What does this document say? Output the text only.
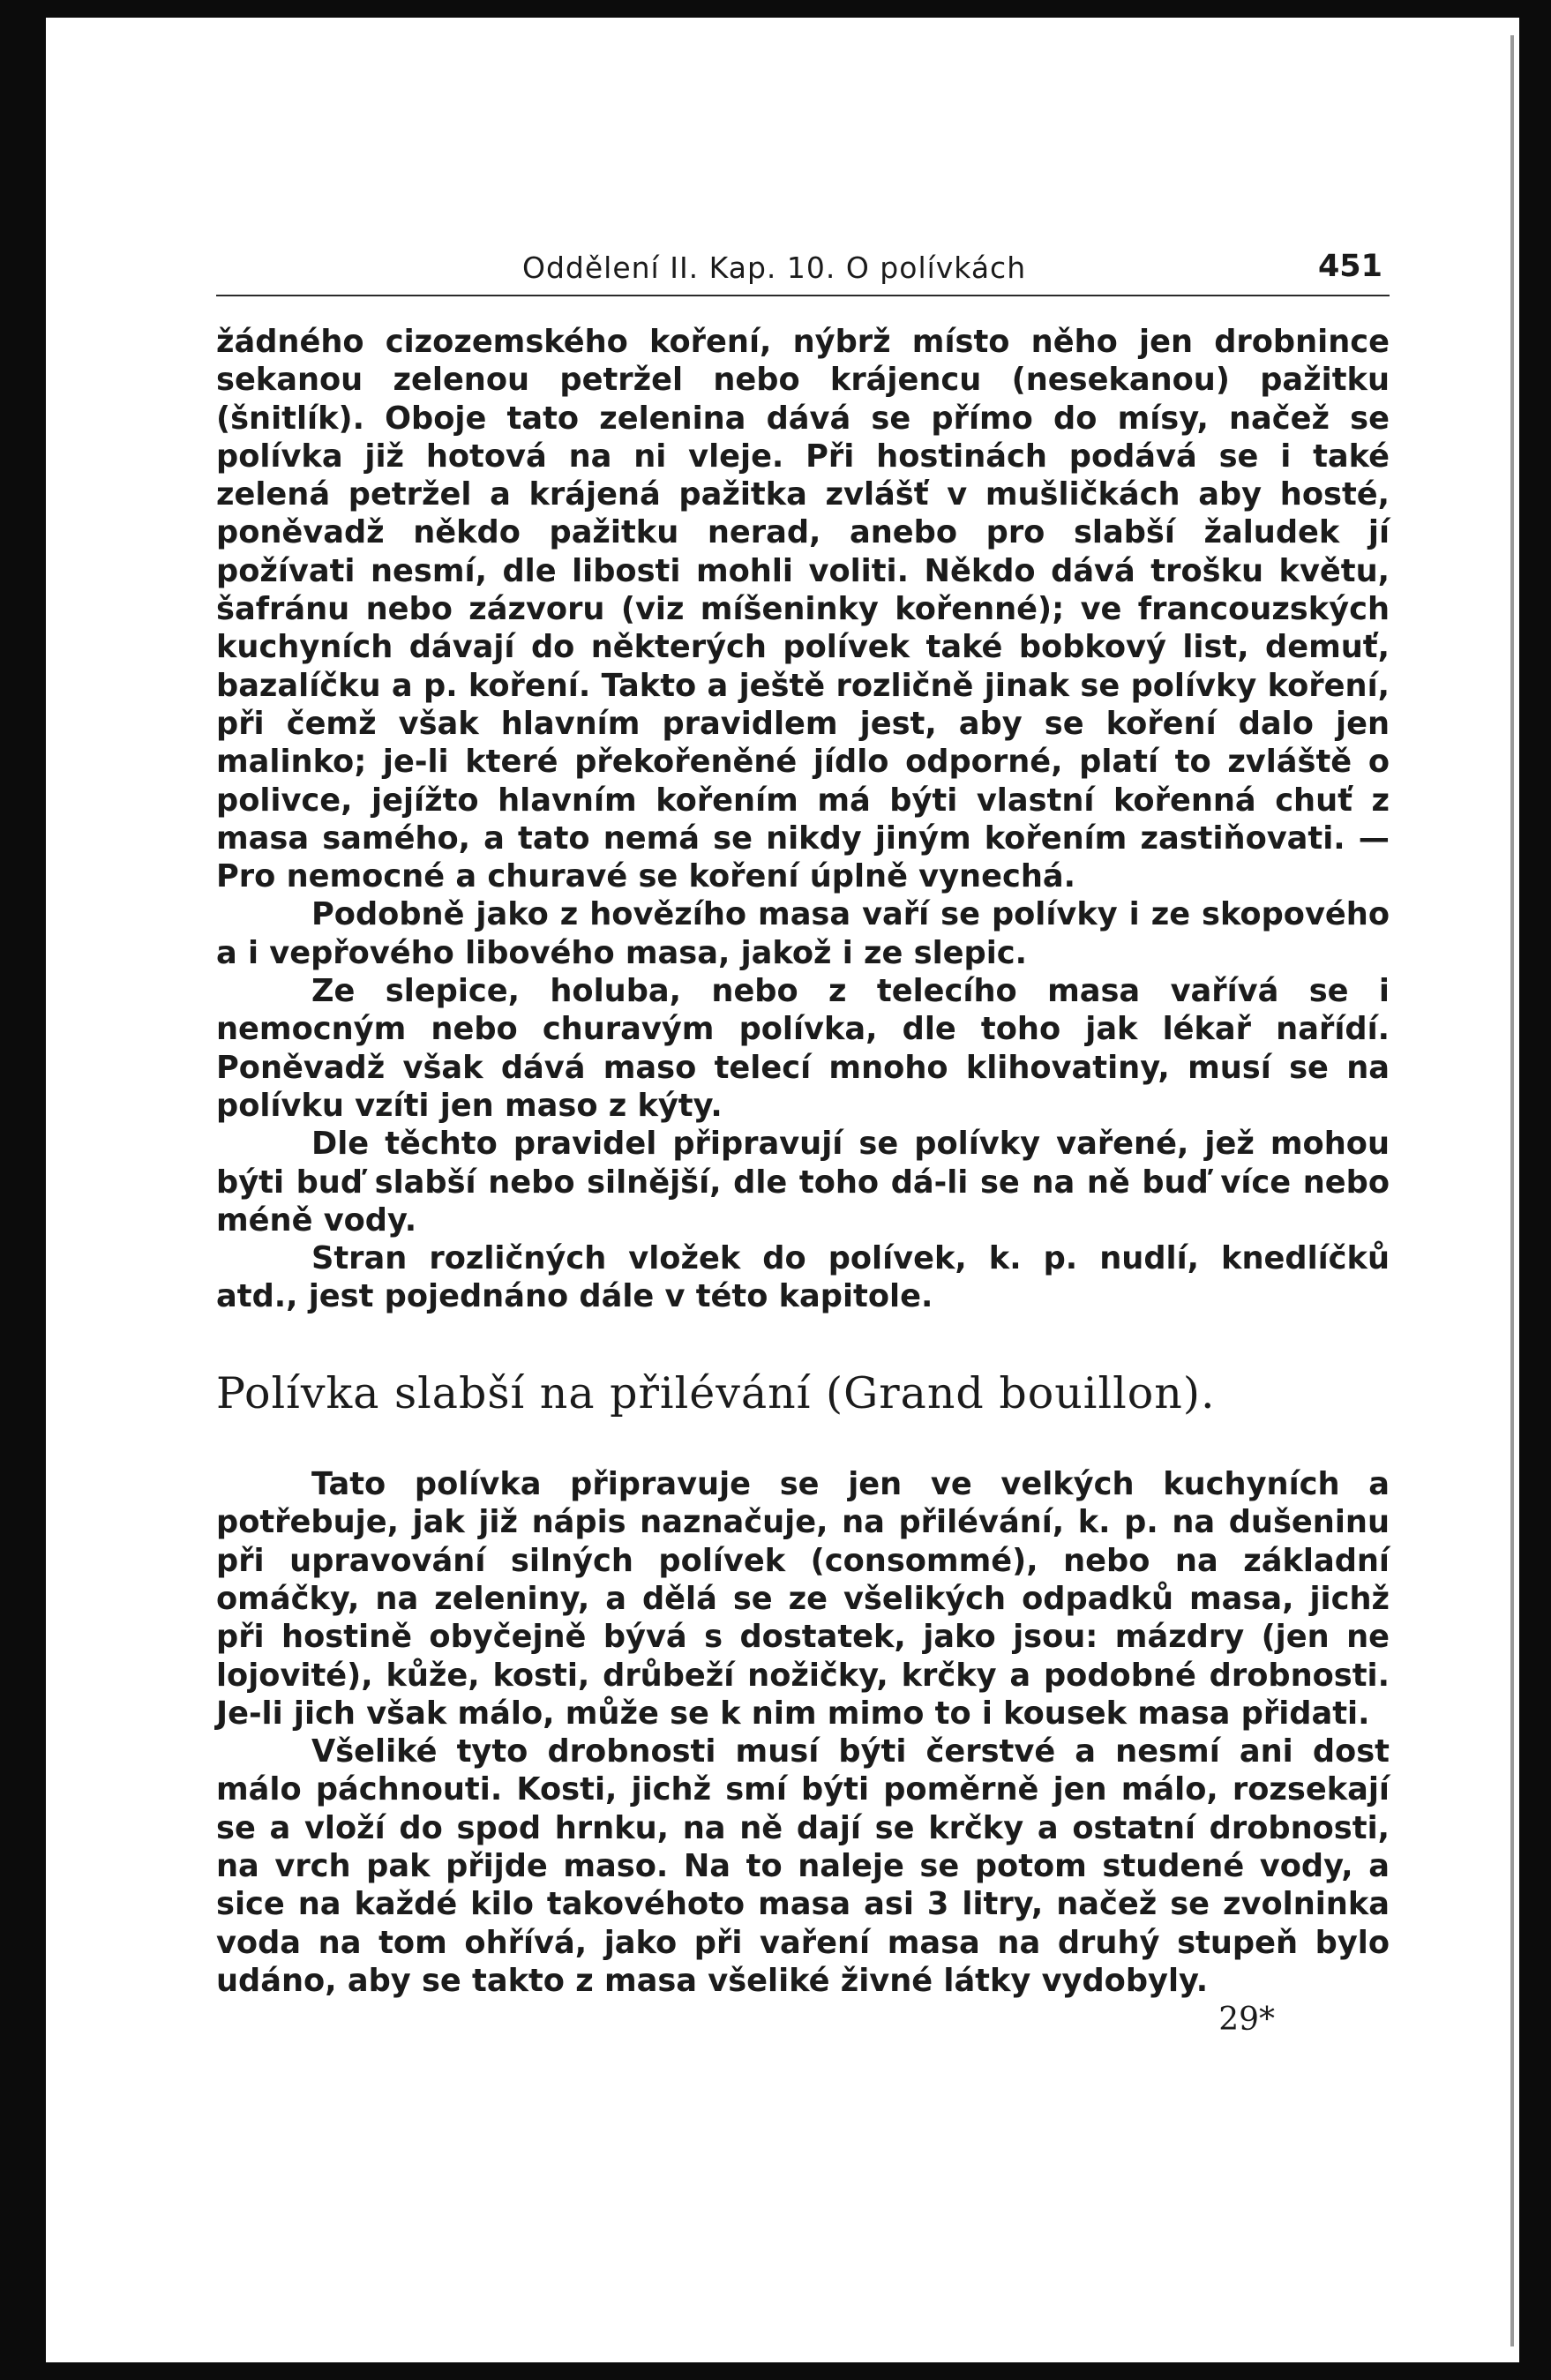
Oddělení II. Kap. 10. O polívkách	451

žádného cizozemského koření, nýbrž místo něho jen drobnince sekanou zelenou petržel nebo krájencu (nesekanou) pažitku (šnitlík). Oboje tato zelenina dává se přímo do mísy, načež se polívka již hotová na ni vleje. Při hostinách podává se i také zelená petržel a krájená pažitka zvlášť v mušličkách aby hosté, poněvadž někdo pažitku nerad, anebo pro slabší žaludek jí požívati nesmí, dle libosti mohli voliti. Někdo dává trošku květu, šafránu nebo zázvoru (viz míšeninky kořenné); ve francouzských kuchyních dávají do některých polívek také bobkový list, demuť, bazalíčku a p. koření. Takto a ještě rozličně jinak se polívky koření, při čemž však hlavním pravidlem jest, aby se koření dalo jen malinko; je-li které překořeněné jídlo odporné, platí to zvláště o polivce, jejížto hlavním kořením má býti vlastní kořenná chuť z masa samého, a tato nemá se nikdy jiným kořením zastiňovati. — Pro nemocné a churavé se koření úplně vynechá.

Podobně jako z hovězího masa vaří se polívky i ze skopového a i vepřového libového masa, jakož i ze slepic.

Ze slepice, holuba, nebo z telecího masa vařívá se i nemocným nebo churavým polívka, dle toho jak lékař nařídí. Poněvadž však dává maso telecí mnoho klihovatiny, musí se na polívku vzíti jen maso z kýty.

Dle těchto pravidel připravují se polívky vařené, jež mohou býti buď slabší nebo silnější, dle toho dá-li se na ně buď více nebo méně vody.

Stran rozličných vložek do polívek, k. p. nudlí, knedlíčků atd., jest pojednáno dále v této kapitole.

Polívka slabší na přilévání (Grand bouillon).

Tato polívka připravuje se jen ve velkých kuchyních a potřebuje, jak již nápis naznačuje, na přilévání, k. p. na dušeninu při upravování silných polívek (consommé), nebo na základní omáčky, na zeleniny, a dělá se ze všelikých odpadků masa, jichž při hostině obyčejně bývá s dostatek, jako jsou: mázdry (jen ne lojovité), kůže, kosti, drůbeží nožičky, krčky a podobné drobnosti. Je-li jich však málo, může se k nim mimo to i kousek masa přidati.

Všeliké tyto drobnosti musí býti čerstvé a nesmí ani dost málo páchnouti. Kosti, jichž smí býti poměrně jen málo, rozsekají se a vloží do spod hrnku, na ně dají se krčky a ostatní drobnosti, na vrch pak přijde maso. Na to naleje se potom studené vody, a sice na každé kilo takovéhoto masa asi 3 litry, načež se zvolninka voda na tom ohřívá, jako při vaření masa na druhý stupeň bylo udáno, aby se takto z masa všeliké živné látky vydobyly.

29*
